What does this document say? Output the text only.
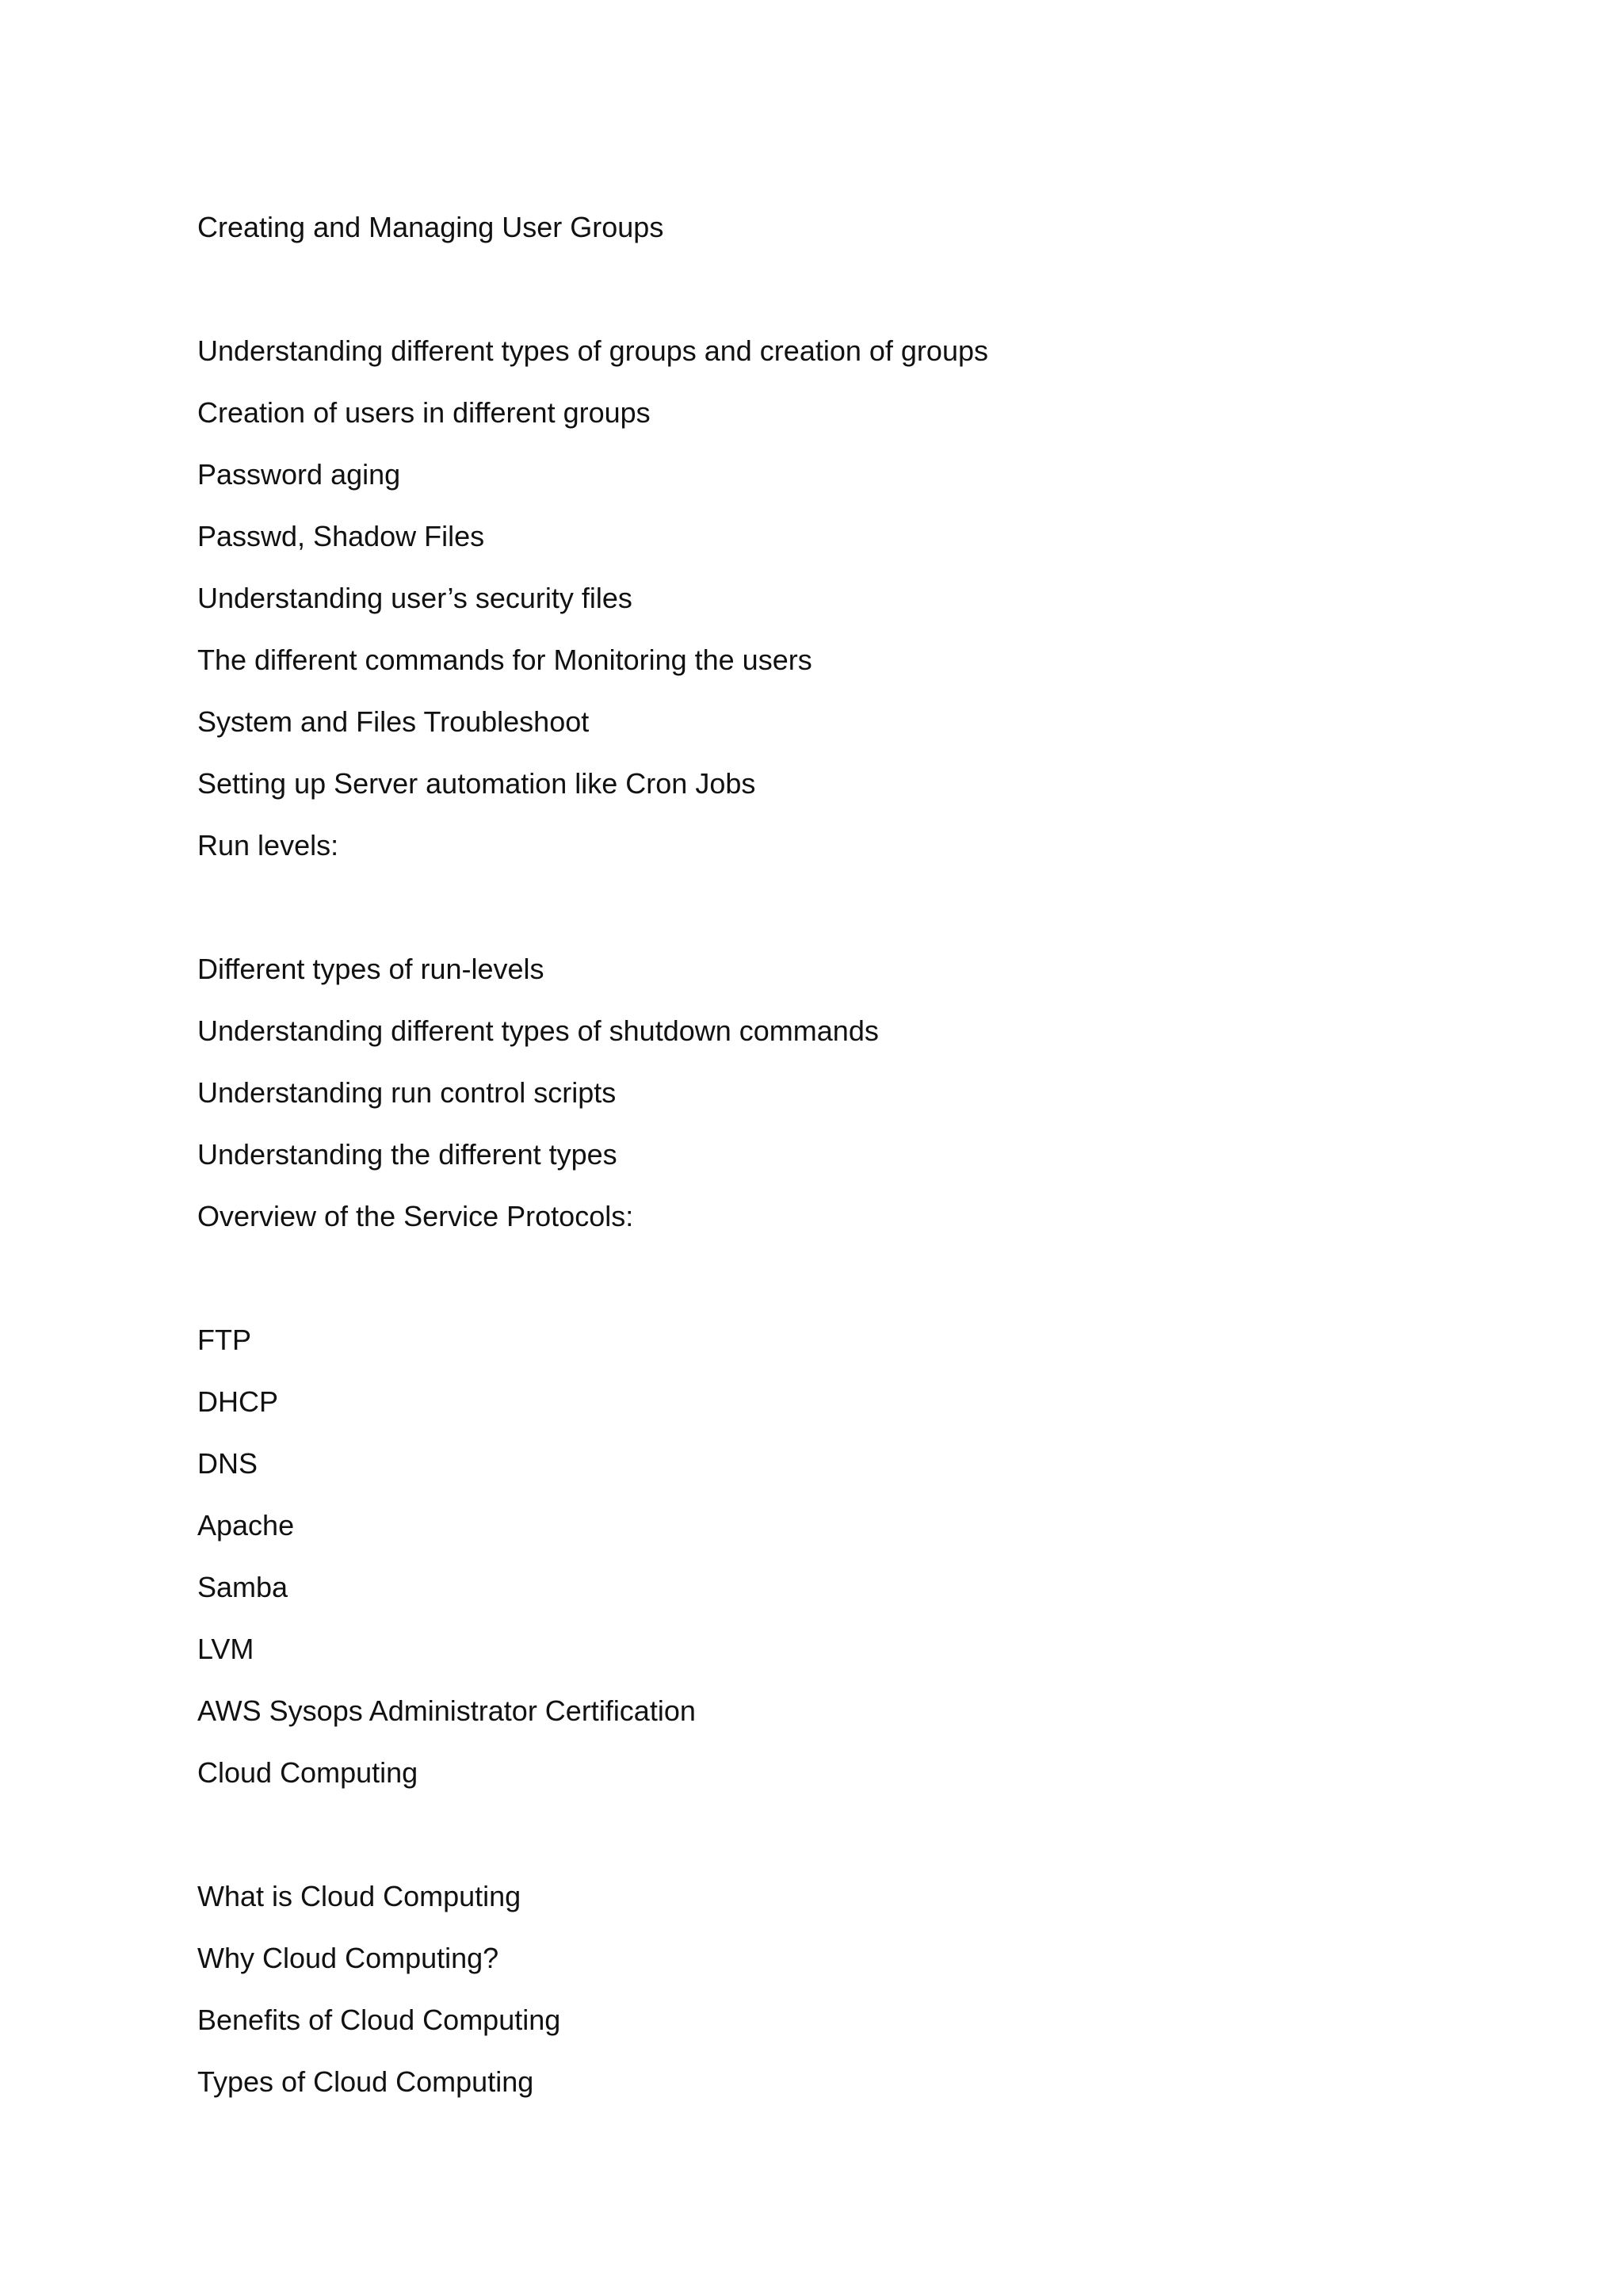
Creating and Managing User Groups
Understanding different types of groups and creation of groups
Creation of users in different groups
Password aging
Passwd, Shadow Files
Understanding user’s security files
The different commands for Monitoring the users
System and Files Troubleshoot
Setting up Server automation like Cron Jobs
Run levels:
Different types of run-levels
Understanding different types of shutdown commands
Understanding run control scripts
Understanding the different types
Overview of the Service Protocols:
FTP
DHCP
DNS
Apache
Samba
LVM
AWS Sysops Administrator Certification
Cloud Computing
What is Cloud Computing
Why Cloud Computing?
Benefits of Cloud Computing
Types of Cloud Computing
